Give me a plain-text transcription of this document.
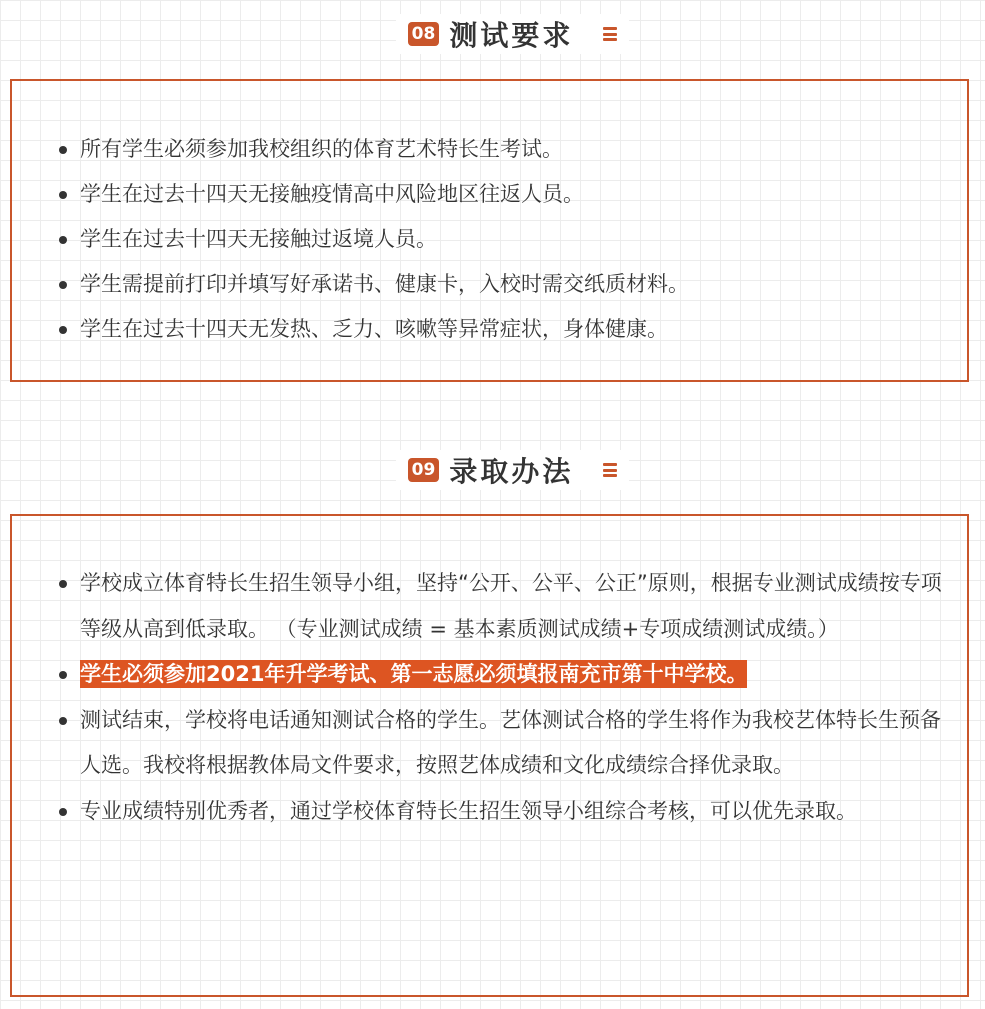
08 测试要求
所有学生必须参加我校组织的体育艺术特长生考试。
学生在过去十四天无接触疫情高中风险地区往返人员。
学生在过去十四天无接触过返境人员。
学生需提前打印并填写好承诺书、健康卡，入校时需交纸质材料。
学生在过去十四天无发热、乏力、咳嗽等异常症状，身体健康。
09 录取办法
学校成立体育特长生招生领导小组，坚持“公开、公平、公正”原则，根据专业测试成绩按专项等级从高到低录取。 （专业测试成绩 = 基本素质测试成绩+专项成绩测试成绩。）
学生必须参加2021年升学考试、第一志愿必须填报南充市第十中学校。
测试结束，学校将电话通知测试合格的学生。艺体测试合格的学生将作为我校艺体特长生预备人选。我校将根据教体局文件要求，按照艺体成绩和文化成绩综合择优录取。
专业成绩特别优秀者，通过学校体育特长生招生领导小组综合考核，可以优先录取。
